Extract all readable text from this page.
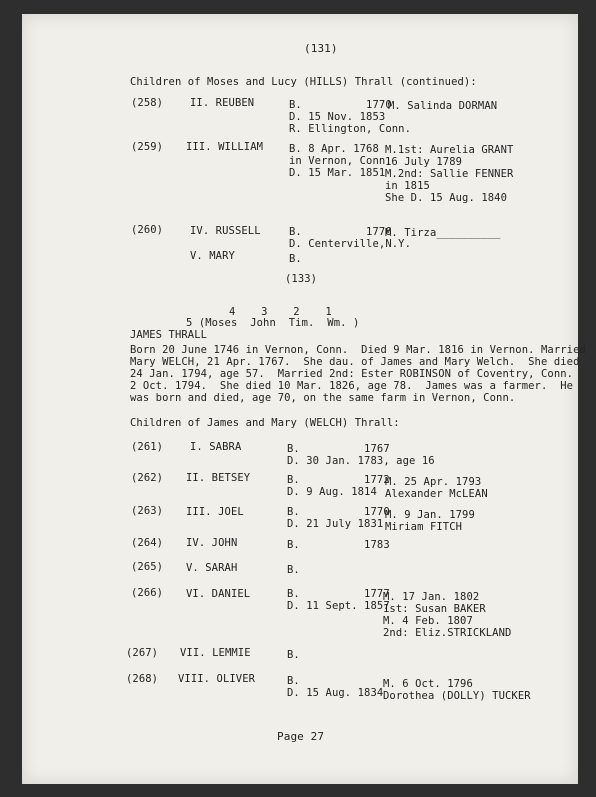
(131)
Children of Moses and Lucy (HILLS) Thrall (continued):
(258)	II. REUBEN	B.          1770
D. 15 Nov. 1853
R. Ellington, Conn.
M. Salinda DORMAN
(259) III. WILLIAM B. 8 Apr. 1768
in Vernon, Conn.
D. 15 Mar. 1851
M.1st: Aurelia GRANT
16 July 1789
M.2nd: Sallie FENNER
in 1815
She D. 15 Aug. 1840
(260)	IV. RUSSELL	B.          1776
D. Centerville,N.Y.
M. Tirza__________
V. MARY	B.
(133)
4    3    2    1
5 (Moses  John  Tim.  Wm. )
JAMES THRALL
Born 20 June 1746 in Vernon, Conn.  Died 9 Mar. 1816 in Vernon. Married
Mary WELCH, 21 Apr. 1767.  She dau. of James and Mary Welch.  She died
24 Jan. 1794, age 57.  Married 2nd: Ester ROBINSON of Coventry, Conn.
2 Oct. 1794.  She died 10 Mar. 1826, age 78.  James was a farmer.  He
was born and died, age 70, on the same farm in Vernon, Conn.
Children of James and Mary (WELCH) Thrall:
(261)	I. SABRA	B.          1767
D. 30 Jan. 1783, age 16
(262) II. BETSEY	B.          1772
D. 9 Aug. 1814
M. 25 Apr. 1793
Alexander McLEAN
(263) III. JOEL	B.          1770
D. 21 July 1831
M. 9 Jan. 1799
Miriam FITCH
(264) IV. JOHN	B.          1783
(265) V. SARAH	B.
(266) VI. DANIEL	B.          1777
D. 11 Sept. 1857
M. 17 Jan. 1802
1st: Susan BAKER
M. 4 Feb. 1807
2nd: Eliz.STRICKLAND
(267) VII. LEMMIE	B.
(268) VIII. OLIVER	B.
D. 15 Aug. 1834
M. 6 Oct. 1796
Dorothea (DOLLY) TUCKER
Page 27
